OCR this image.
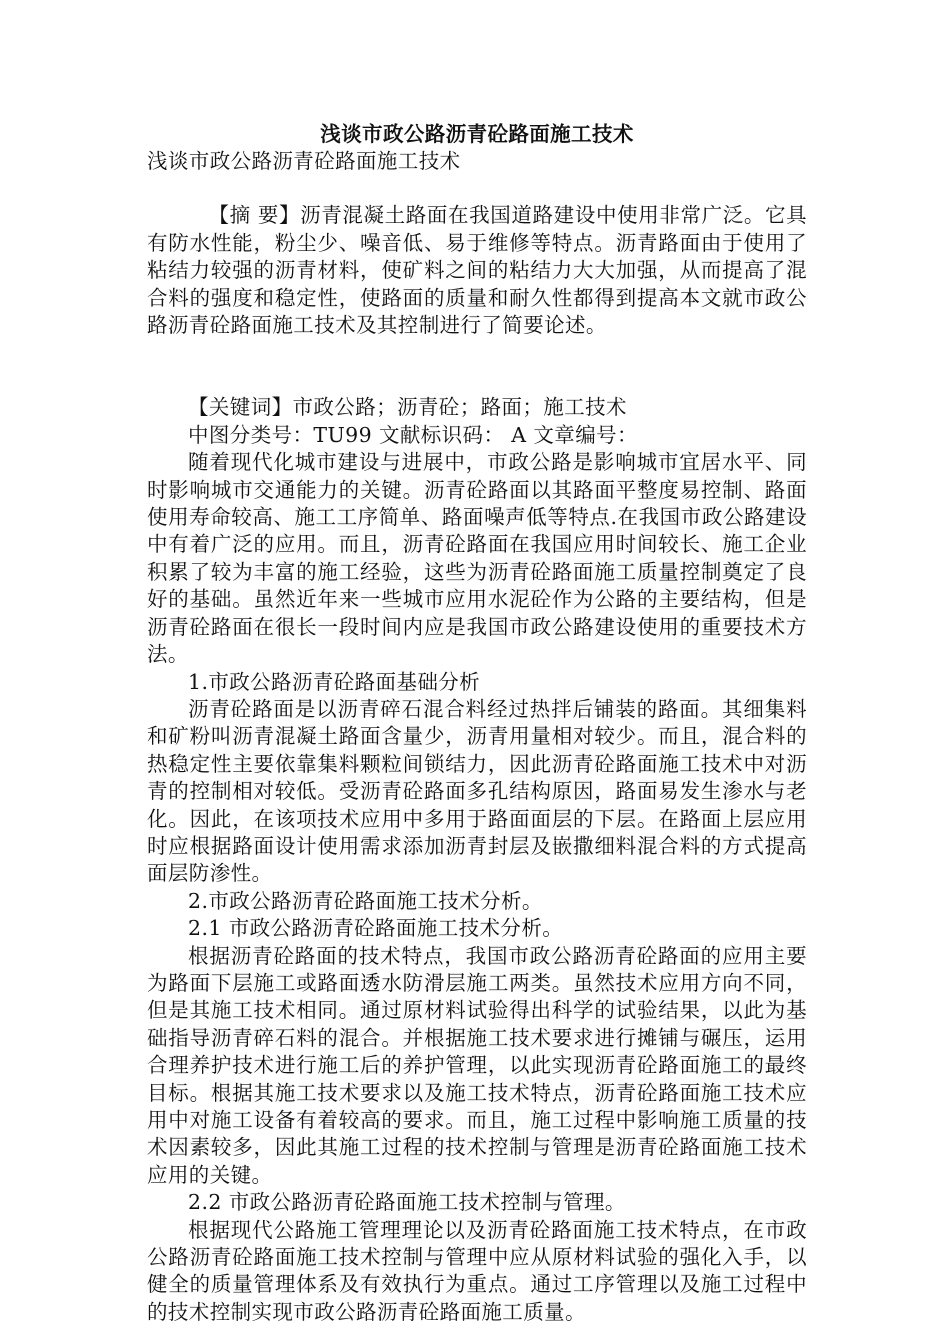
浅谈市政公路沥青砼路面施工技术

浅谈市政公路沥青砼路面施工技术

【摘 要】沥青混凝土路面在我国道路建设中使用非常广泛。它具有防水性能，粉尘少、噪音低、易于维修等特点。沥青路面由于使用了粘结力较强的沥青材料，使矿料之间的粘结力大大加强，从而提高了混合料的强度和稳定性，使路面的质量和耐久性都得到提高本文就市政公路沥青砼路面施工技术及其控制进行了简要论述。

【关键词】市政公路；沥青砼；路面；施工技术

中图分类号：TU99 文献标识码： A 文章编号：

随着现代化城市建设与进展中，市政公路是影响城市宜居水平、同时影响城市交通能力的关键。沥青砼路面以其路面平整度易控制、路面使用寿命较高、施工工序简单、路面噪声低等特点.在我国市政公路建设中有着广泛的应用。而且，沥青砼路面在我国应用时间较长、施工企业积累了较为丰富的施工经验，这些为沥青砼路面施工质量控制奠定了良好的基础。虽然近年来一些城市应用水泥砼作为公路的主要结构，但是沥青砼路面在很长一段时间内应是我国市政公路建设使用的重要技术方法。

1.市政公路沥青砼路面基础分析

沥青砼路面是以沥青碎石混合料经过热拌后铺装的路面。其细集料和矿粉叫沥青混凝土路面含量少，沥青用量相对较少。而且，混合料的热稳定性主要依靠集料颗粒间锁结力，因此沥青砼路面施工技术中对沥青的控制相对较低。受沥青砼路面多孔结构原因，路面易发生渗水与老化。因此，在该项技术应用中多用于路面面层的下层。在路面上层应用时应根据路面设计使用需求添加沥青封层及嵌撒细料混合料的方式提高面层防渗性。

2.市政公路沥青砼路面施工技术分析。

2.1 市政公路沥青砼路面施工技术分析。

根据沥青砼路面的技术特点，我国市政公路沥青砼路面的应用主要为路面下层施工或路面透水防滑层施工两类。虽然技术应用方向不同，但是其施工技术相同。通过原材料试验得出科学的试验结果，以此为基础指导沥青碎石料的混合。并根据施工技术要求进行摊铺与碾压，运用合理养护技术进行施工后的养护管理，以此实现沥青砼路面施工的最终目标。根据其施工技术要求以及施工技术特点，沥青砼路面施工技术应用中对施工设备有着较高的要求。而且，施工过程中影响施工质量的技术因素较多，因此其施工过程的技术控制与管理是沥青砼路面施工技术应用的关键。

2.2 市政公路沥青砼路面施工技术控制与管理。

根据现代公路施工管理理论以及沥青砼路面施工技术特点，在市政公路沥青砼路面施工技术控制与管理中应从原材料试验的强化入手，以健全的质量管理体系及有效执行为重点。通过工序管理以及施工过程中的技术控制实现市政公路沥青砼路面施工质量。
